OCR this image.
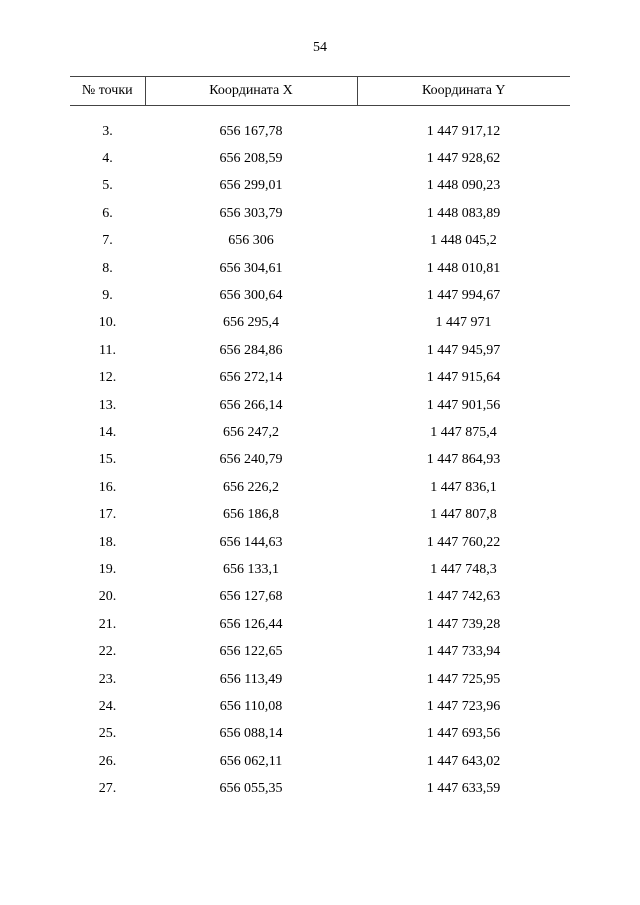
54
№ точки	Координата X	Координата Y

3.	656 167,78	1 447 917,12
4.	656 208,59	1 447 928,62
5.	656 299,01	1 448 090,23
6.	656 303,79	1 448 083,89
7.	656 306	1 448 045,2
8.	656 304,61	1 448 010,81
9.	656 300,64	1 447 994,67
10.	656 295,4	1 447 971
11.	656 284,86	1 447 945,97
12.	656 272,14	1 447 915,64
13.	656 266,14	1 447 901,56
14.	656 247,2	1 447 875,4
15.	656 240,79	1 447 864,93
16.	656 226,2	1 447 836,1
17.	656 186,8	1 447 807,8
18.	656 144,63	1 447 760,22
19.	656 133,1	1 447 748,3
20.	656 127,68	1 447 742,63
21.	656 126,44	1 447 739,28
22.	656 122,65	1 447 733,94
23.	656 113,49	1 447 725,95
24.	656 110,08	1 447 723,96
25.	656 088,14	1 447 693,56
26.	656 062,11	1 447 643,02
27.	656 055,35	1 447 633,59
